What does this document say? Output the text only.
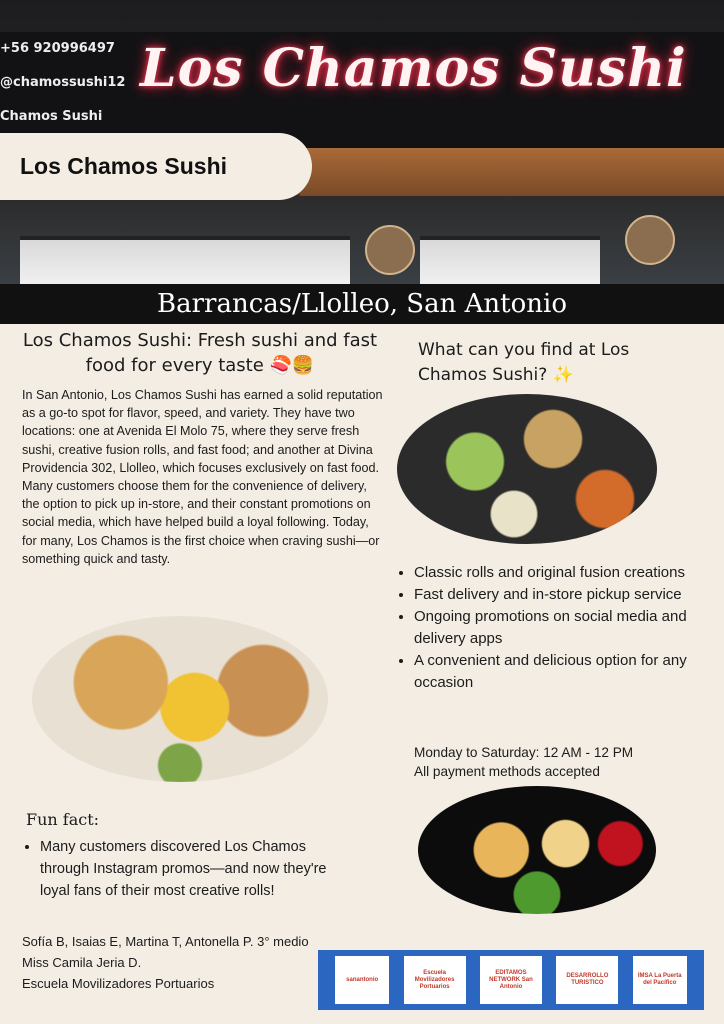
+56 920996497
@chamossushi12
Chamos Sushi
Los Chamos Sushi
Los Chamos Sushi
Barrancas/Llolleo, San Antonio
Los Chamos Sushi: Fresh sushi and fast food for every taste 🍣🍔

In San Antonio, Los Chamos Sushi has earned a solid reputation as a go-to spot for flavor, speed, and variety. They have two locations: one at Avenida El Molo 75, where they serve fresh sushi, creative fusion rolls, and fast food; and another at Divina Providencia 302, Llolleo, which focuses exclusively on fast food.

Many customers choose them for the convenience of delivery, the option to pick up in-store, and their constant promotions on social media, which have helped build a loyal following. Today, for many, Los Chamos is the first choice when craving sushi—or something quick and tasty.

What can you find at Los Chamos Sushi? ✨
• Classic rolls and original fusion creations
• Fast delivery and in-store pickup service
• Ongoing promotions on social media and delivery apps
• A convenient and delicious option for any occasion
Monday to Saturday: 12 AM - 12 PM
All payment methods accepted
Fun fact:
• Many customers discovered Los Chamos through Instagram promos—and now they're loyal fans of their most creative rolls!
Sofía B, Isaias E, Martina T, Antonella P. 3° medio
Miss Camila Jeria D.
Escuela Movilizadores Portuarios	sanantonio
Escuela Movilizadores Portuarios
EDITAMOS NETWORK San Antonio
DESARROLLO TURISTICO
IMSA La Puerta del Pacífico
